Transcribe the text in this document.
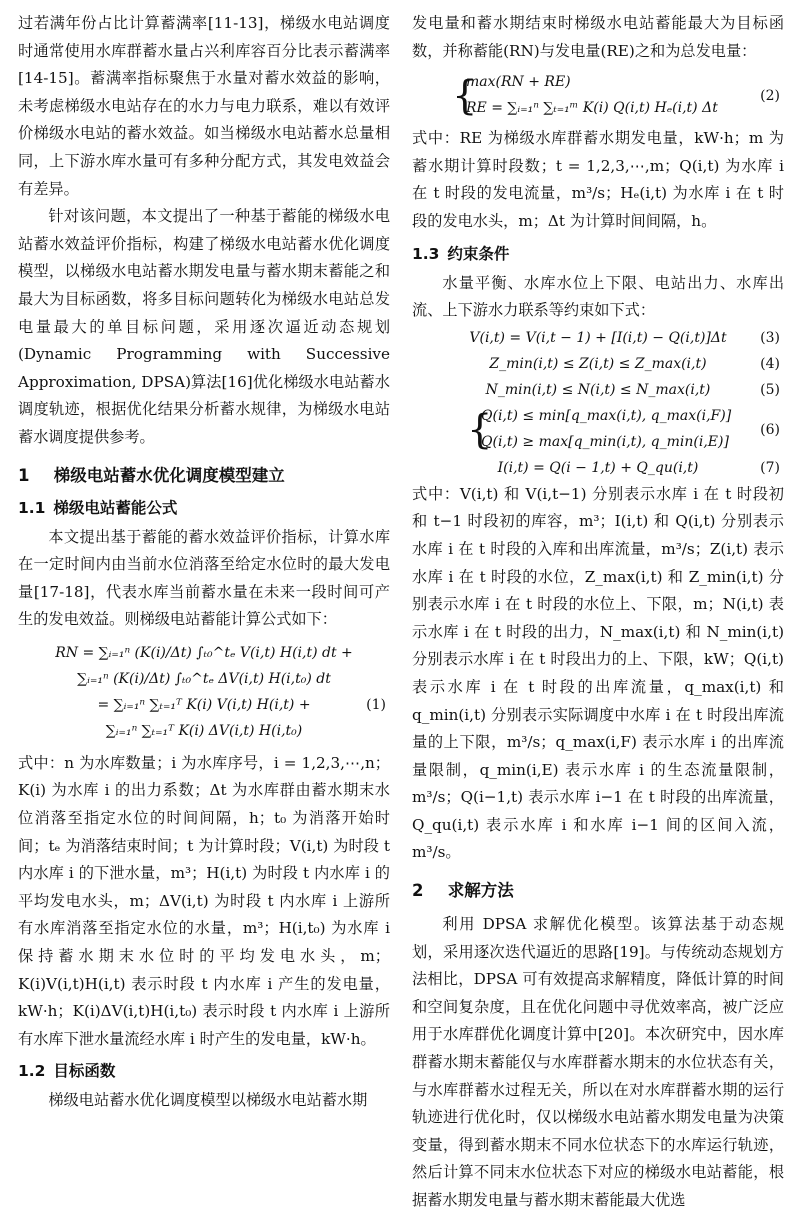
过若满年份占比计算蓄满率[11-13]，梯级水电站调度时通常使用水库群蓄水量占兴利库容百分比表示蓄满率[14-15]。蓄满率指标聚焦于水量对蓄水效益的影响，未考虑梯级水电站存在的水力与电力联系，难以有效评价梯级水电站的蓄水效益。如当梯级水电站蓄水总量相同，上下游水库水量可有多种分配方式，其发电效益会有差异。

针对该问题，本文提出了一种基于蓄能的梯级水电站蓄水效益评价指标，构建了梯级水电站蓄水优化调度模型，以梯级水电站蓄水期发电量与蓄水期末蓄能之和最大为目标函数，将多目标问题转化为梯级水电站总发电量最大的单目标问题，采用逐次逼近动态规划(Dynamic Programming with Successive Approximation, DPSA)算法[16]优化梯级水电站蓄水调度轨迹，根据优化结果分析蓄水规律，为梯级水电站蓄水调度提供参考。

1 梯级电站蓄水优化调度模型建立
1.1 梯级电站蓄能公式

本文提出基于蓄能的蓄水效益评价指标，计算水库在一定时间内由当前水位消落至给定水位时的最大发电量[17-18]，代表水库当前蓄水量在未来一段时间可产生的发电效益。则梯级电站蓄能计算公式如下：

RN = ∑ᵢ₌₁ⁿ (K(i)/Δt) ∫ₜ₀^tₑ V(i,t) H(i,t) dt +
∑ᵢ₌₁ⁿ (K(i)/Δt) ∫ₜ₀^tₑ ΔV(i,t) H(i,t₀) dt
= ∑ᵢ₌₁ⁿ ∑ₜ₌₁ᵀ K(i) V(i,t) H(i,t) +
∑ᵢ₌₁ⁿ ∑ₜ₌₁ᵀ K(i) ΔV(i,t) H(i,t₀)
(1)

式中：n 为水库数量；i 为水库序号，i = 1,2,3,⋯,n；K(i) 为水库 i 的出力系数；Δt 为水库群由蓄水期末水位消落至指定水位的时间间隔，h；t₀ 为消落开始时间；tₑ 为消落结束时间；t 为计算时段；V(i,t) 为时段 t 内水库 i 的下泄水量，m³；H(i,t) 为时段 t 内水库 i 的平均发电水头，m；ΔV(i,t) 为时段 t 内水库 i 上游所有水库消落至指定水位的水量，m³；H(i,t₀) 为水库 i 保持蓄水期末水位时的平均发电水头，m；K(i)V(i,t)H(i,t) 表示时段 t 内水库 i 产生的发电量，kW·h；K(i)ΔV(i,t)H(i,t₀) 表示时段 t 内水库 i 上游所有水库下泄水量流经水库 i 时产生的发电量，kW·h。

1.2 目标函数

梯级电站蓄水优化调度模型以梯级水电站蓄水期

发电量和蓄水期结束时梯级水电站蓄能最大为目标函数，并称蓄能(RN)与发电量(RE)之和为总发电量：

{
max(RN + RE)
RE = ∑ᵢ₌₁ⁿ ∑ₜ₌₁ᵐ K(i) Q(i,t) Hₑ(i,t) Δt
(2)

式中：RE 为梯级水库群蓄水期发电量，kW·h；m 为蓄水期计算时段数；t = 1,2,3,⋯,m；Q(i,t) 为水库 i 在 t 时段的发电流量，m³/s；Hₑ(i,t) 为水库 i 在 t 时段的发电水头，m；Δt 为计算时间间隔，h。

1.3 约束条件

水量平衡、水库水位上下限、电站出力、水库出流、上下游水力联系等约束如下式：

V(i,t) = V(i,t − 1) + [I(i,t) − Q(i,t)]Δt	(3)
Z_min(i,t) ≤ Z(i,t) ≤ Z_max(i,t)	(4)
N_min(i,t) ≤ N(i,t) ≤ N_max(i,t)	(5)
{
Q(i,t) ≤ min[q_max(i,t), q_max(i,F)]
Q(i,t) ≥ max[q_min(i,t), q_min(i,E)]
(6)
I(i,t) = Q(i − 1,t) + Q_qu(i,t)	(7)

式中：V(i,t) 和 V(i,t−1) 分别表示水库 i 在 t 时段初和 t−1 时段初的库容，m³；I(i,t) 和 Q(i,t) 分别表示水库 i 在 t 时段的入库和出库流量，m³/s；Z(i,t) 表示水库 i 在 t 时段的水位，Z_max(i,t) 和 Z_min(i,t) 分别表示水库 i 在 t 时段的水位上、下限，m；N(i,t) 表示水库 i 在 t 时段的出力，N_max(i,t) 和 N_min(i,t) 分别表示水库 i 在 t 时段出力的上、下限，kW；Q(i,t) 表示水库 i 在 t 时段的出库流量，q_max(i,t) 和 q_min(i,t) 分别表示实际调度中水库 i 在 t 时段出库流量的上下限，m³/s；q_max(i,F) 表示水库 i 的出库流量限制，q_min(i,E) 表示水库 i 的生态流量限制，m³/s；Q(i−1,t) 表示水库 i−1 在 t 时段的出库流量，Q_qu(i,t) 表示水库 i 和水库 i−1 间的区间入流，m³/s。

2 求解方法

利用 DPSA 求解优化模型。该算法基于动态规划，采用逐次迭代逼近的思路[19]。与传统动态规划方法相比，DPSA 可有效提高求解精度，降低计算的时间和空间复杂度，且在优化问题中寻优效率高，被广泛应用于水库群优化调度计算中[20]。本次研究中，因水库群蓄水期末蓄能仅与水库群蓄水期末的水位状态有关，与水库群蓄水过程无关，所以在对水库群蓄水期的运行轨迹进行优化时，仅以梯级水电站蓄水期发电量为决策变量，得到蓄水期末不同水位状态下的水库运行轨迹，然后计算不同末水位状态下对应的梯级水电站蓄能，根据蓄水期发电量与蓄水期末蓄能最大优选
